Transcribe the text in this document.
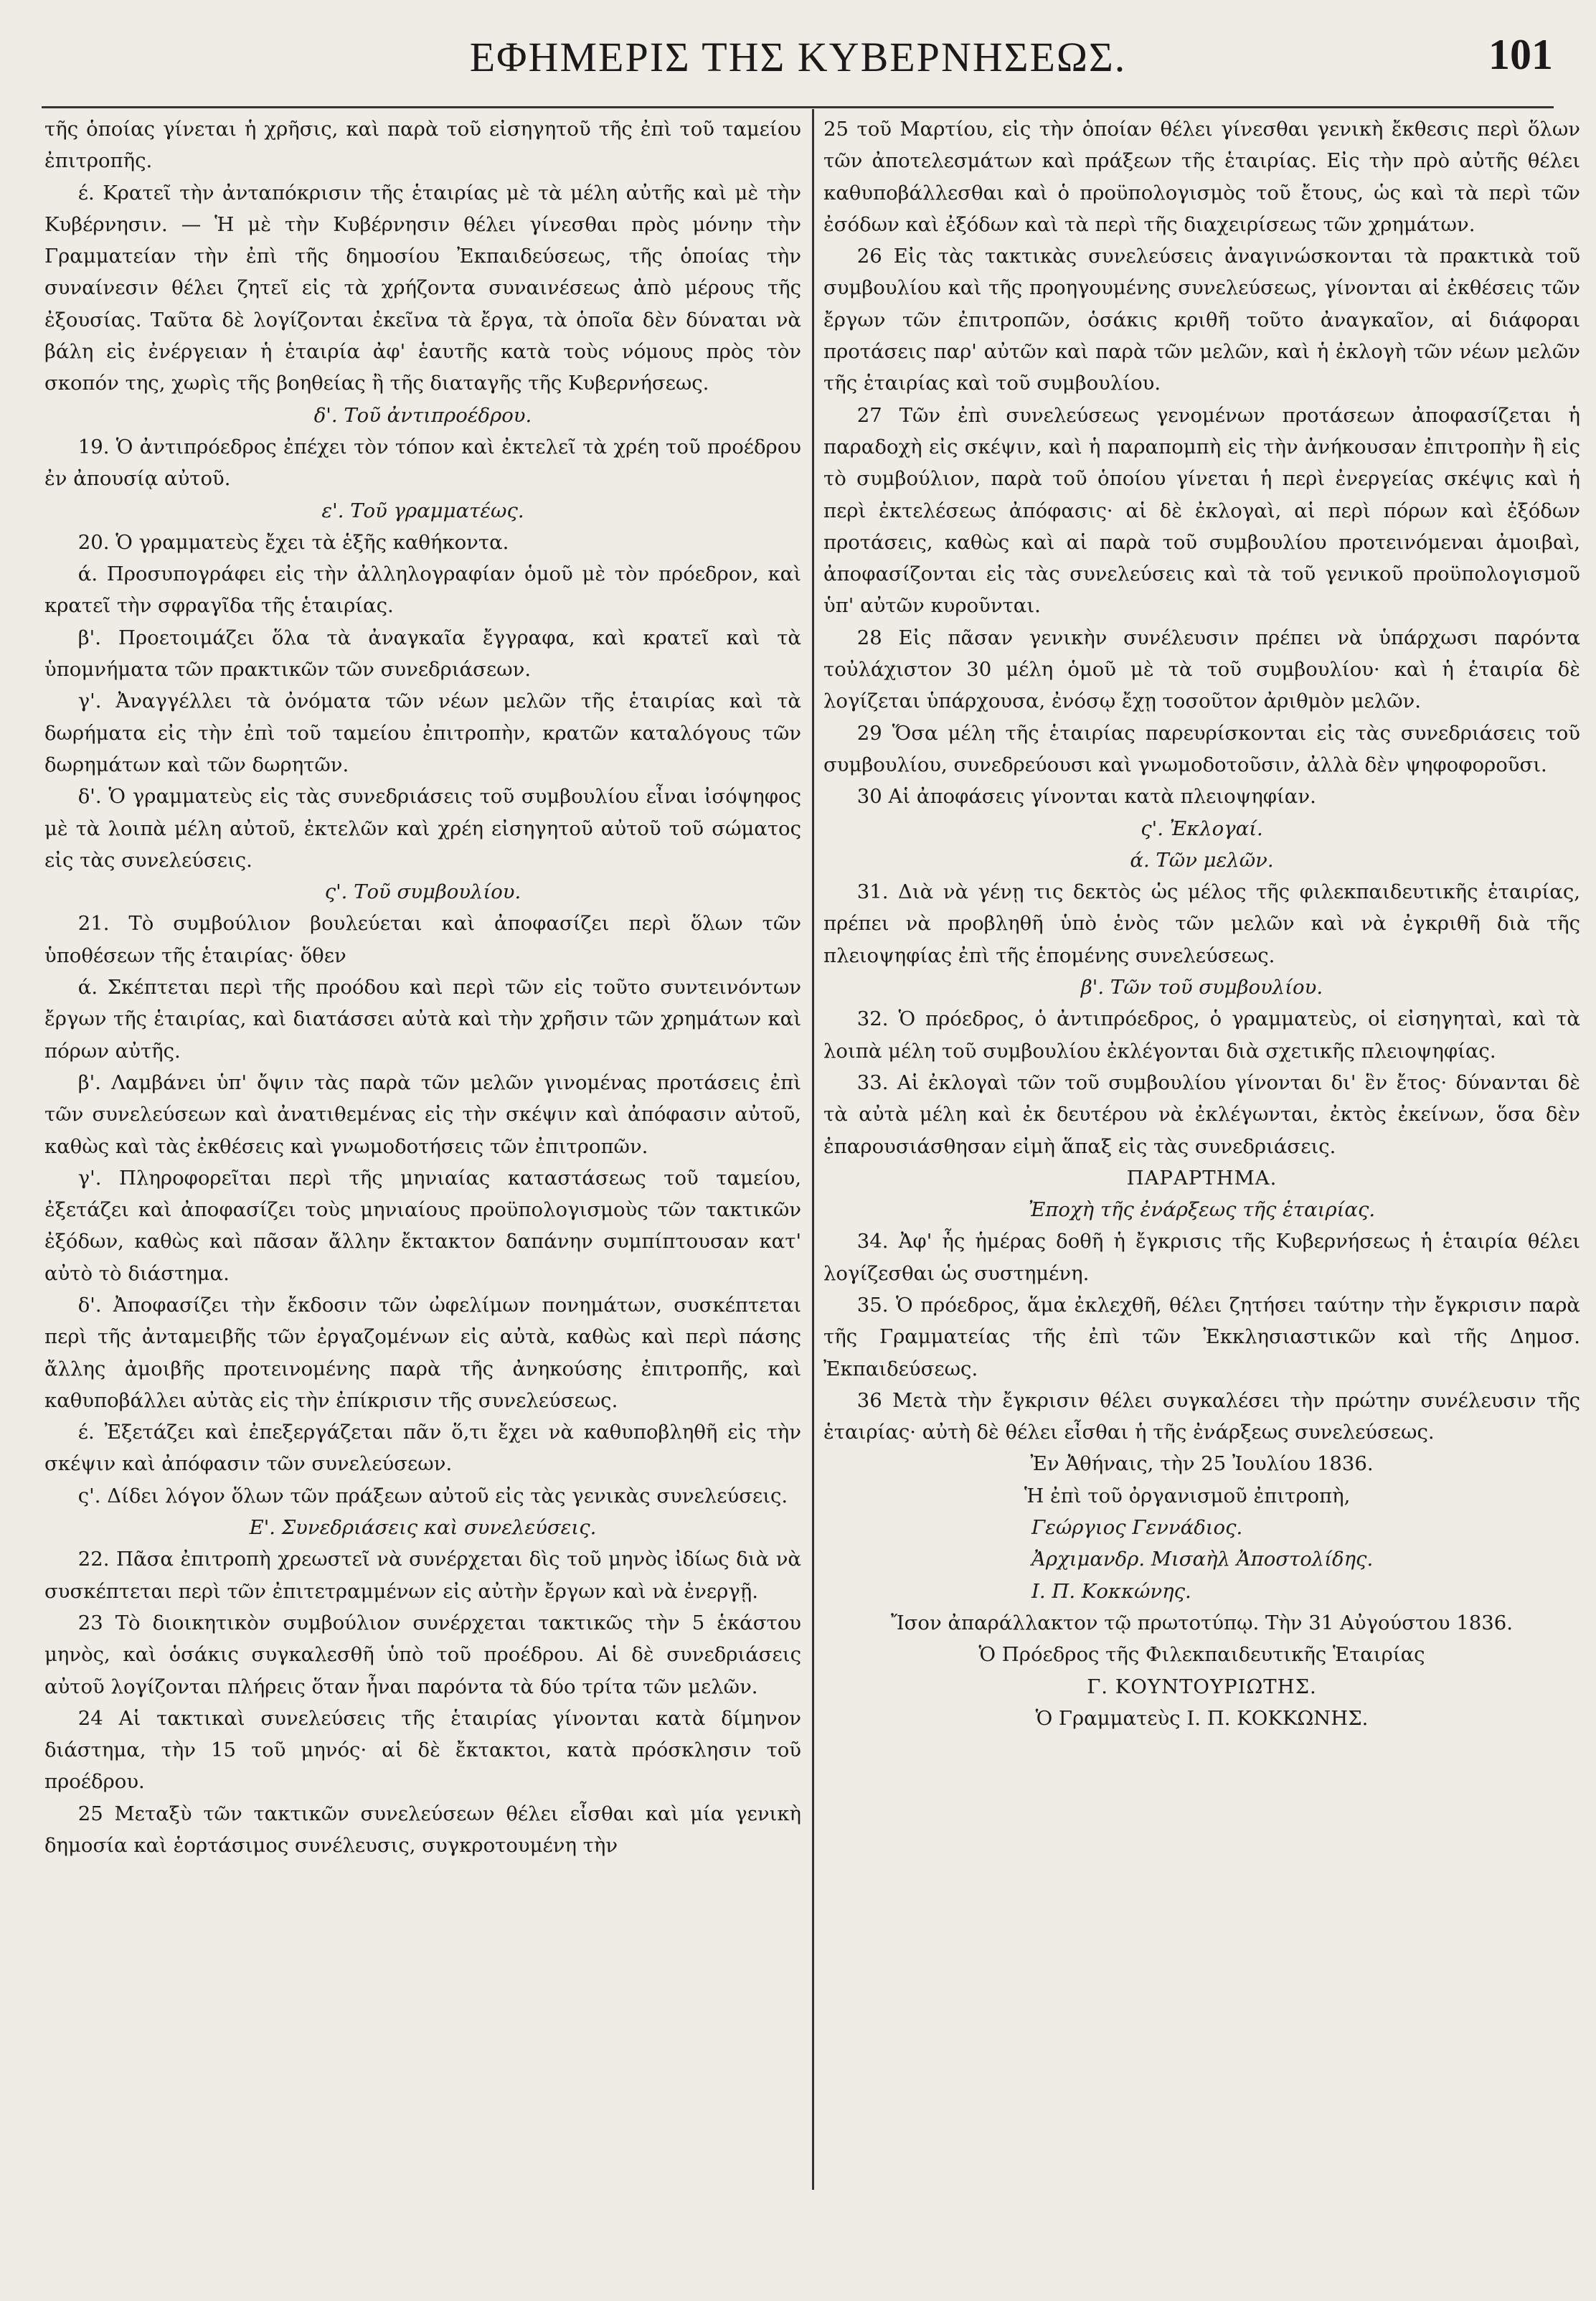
ΕΦΗΜΕΡΙΣ ΤΗΣ ΚΥΒΕΡΝΗΣΕΩΣ.	101

τῆς ὁποίας γίνεται ἡ χρῆσις, καὶ παρὰ τοῦ εἰσηγητοῦ τῆς ἐπὶ τοῦ ταμείου ἐπιτροπῆς.

έ. Κρατεῖ τὴν ἀνταπόκρισιν τῆς ἑταιρίας μὲ τὰ μέλη αὐτῆς καὶ μὲ τὴν Κυβέρνησιν. — Ἡ μὲ τὴν Κυβέρνησιν θέλει γίνεσθαι πρὸς μόνην τὴν Γραμματείαν τὴν ἐπὶ τῆς δημοσίου Ἐκπαιδεύσεως, τῆς ὁποίας τὴν συναίνεσιν θέλει ζητεῖ εἰς τὰ χρήζοντα συναινέσεως ἀπὸ μέρους τῆς ἐξουσίας. Ταῦτα δὲ λογίζονται ἐκεῖνα τὰ ἔργα, τὰ ὁποῖα δὲν δύναται νὰ βάλη εἰς ἐνέργειαν ἡ ἑταιρία ἀφ' ἑαυτῆς κατὰ τοὺς νόμους πρὸς τὸν σκοπόν της, χωρὶς τῆς βοηθείας ἢ τῆς διαταγῆς τῆς Κυβερνήσεως.

δ'. Τοῦ ἀντιπροέδρου.

19. Ὁ ἀντιπρόεδρος ἐπέχει τὸν τόπον καὶ ἐκτελεῖ τὰ χρέη τοῦ προέδρου ἐν ἀπουσίᾳ αὐτοῦ.

ε'. Τοῦ γραμματέως.

20. Ὁ γραμματεὺς ἔχει τὰ ἑξῆς καθήκοντα.

ά. Προσυπογράφει εἰς τὴν ἀλληλογραφίαν ὁμοῦ μὲ τὸν πρόεδρον, καὶ κρατεῖ τὴν σφραγῖδα τῆς ἑταιρίας.

β'. Προετοιμάζει ὅλα τὰ ἀναγκαῖα ἔγγραφα, καὶ κρατεῖ καὶ τὰ ὑπομνήματα τῶν πρακτικῶν τῶν συνεδριάσεων.

γ'. Ἀναγγέλλει τὰ ὀνόματα τῶν νέων μελῶν τῆς ἑταιρίας καὶ τὰ δωρήματα εἰς τὴν ἐπὶ τοῦ ταμείου ἐπιτροπὴν, κρατῶν καταλόγους τῶν δωρημάτων καὶ τῶν δωρητῶν.

δ'. Ὁ γραμματεὺς εἰς τὰς συνεδριάσεις τοῦ συμβουλίου εἶναι ἰσόψηφος μὲ τὰ λοιπὰ μέλη αὐτοῦ, ἐκτελῶν καὶ χρέη εἰσηγητοῦ αὐτοῦ τοῦ σώματος εἰς τὰς συνελεύσεις.

ς'. Τοῦ συμβουλίου.

21. Τὸ συμβούλιον βουλεύεται καὶ ἀποφασίζει περὶ ὅλων τῶν ὑποθέσεων τῆς ἑταιρίας· ὅθεν

ά. Σκέπτεται περὶ τῆς προόδου καὶ περὶ τῶν εἰς τοῦτο συντεινόντων ἔργων τῆς ἑταιρίας, καὶ διατάσσει αὐτὰ καὶ τὴν χρῆσιν τῶν χρημάτων καὶ πόρων αὐτῆς.

β'. Λαμβάνει ὑπ' ὄψιν τὰς παρὰ τῶν μελῶν γινομένας προτάσεις ἐπὶ τῶν συνελεύσεων καὶ ἀνατιθεμένας εἰς τὴν σκέψιν καὶ ἀπόφασιν αὐτοῦ, καθὼς καὶ τὰς ἐκθέσεις καὶ γνωμοδοτήσεις τῶν ἐπιτροπῶν.

γ'. Πληροφορεῖται περὶ τῆς μηνιαίας καταστάσεως τοῦ ταμείου, ἐξετάζει καὶ ἀποφασίζει τοὺς μηνιαίους προϋπολογισμοὺς τῶν τακτικῶν ἐξόδων, καθὼς καὶ πᾶσαν ἄλλην ἔκτακτον δαπάνην συμπίπτουσαν κατ' αὐτὸ τὸ διάστημα.

δ'. Ἀποφασίζει τὴν ἔκδοσιν τῶν ὠφελίμων πονημάτων, συσκέπτεται περὶ τῆς ἀνταμειβῆς τῶν ἐργαζομένων εἰς αὐτὰ, καθὼς καὶ περὶ πάσης ἄλλης ἀμοιβῆς προτεινομένης παρὰ τῆς ἀνηκούσης ἐπιτροπῆς, καὶ καθυποβάλλει αὐτὰς εἰς τὴν ἐπίκρισιν τῆς συνελεύσεως.

έ. Ἐξετάζει καὶ ἐπεξεργάζεται πᾶν ὅ,τι ἔχει νὰ καθυποβληθῆ εἰς τὴν σκέψιν καὶ ἀπόφασιν τῶν συνελεύσεων.

ς'. Δίδει λόγον ὅλων τῶν πράξεων αὐτοῦ εἰς τὰς γενικὰς συνελεύσεις.

Ε'. Συνεδριάσεις καὶ συνελεύσεις.

22. Πᾶσα ἐπιτροπὴ χρεωστεῖ νὰ συνέρχεται δὶς τοῦ μηνὸς ἰδίως διὰ νὰ συσκέπτεται περὶ τῶν ἐπιτετραμμένων εἰς αὐτὴν ἔργων καὶ νὰ ἐνεργῇ.

23 Τὸ διοικητικὸν συμβούλιον συνέρχεται τακτικῶς τὴν 5 ἑκάστου μηνὸς, καὶ ὁσάκις συγκαλεσθῆ ὑπὸ τοῦ προέδρου. Αἱ δὲ συνεδριάσεις αὐτοῦ λογίζονται πλήρεις ὅταν ἦναι παρόντα τὰ δύο τρίτα τῶν μελῶν.

24 Αἱ τακτικαὶ συνελεύσεις τῆς ἑταιρίας γίνονται κατὰ δίμηνον διάστημα, τὴν 15 τοῦ μηνός· αἱ δὲ ἔκτακτοι, κατὰ πρόσκλησιν τοῦ προέδρου.

25 Μεταξὺ τῶν τακτικῶν συνελεύσεων θέλει εἶσθαι καὶ μία γενικὴ δημοσία καὶ ἑορτάσιμος συνέλευσις, συγκροτουμένη τὴν

25 τοῦ Μαρτίου, εἰς τὴν ὁποίαν θέλει γίνεσθαι γενικὴ ἔκθεσις περὶ ὅλων τῶν ἀποτελεσμάτων καὶ πράξεων τῆς ἑταιρίας. Εἰς τὴν πρὸ αὐτῆς θέλει καθυποβάλλεσθαι καὶ ὁ προϋπολογισμὸς τοῦ ἔτους, ὡς καὶ τὰ περὶ τῶν ἐσόδων καὶ ἐξόδων καὶ τὰ περὶ τῆς διαχειρίσεως τῶν χρημάτων.

26 Εἰς τὰς τακτικὰς συνελεύσεις ἀναγινώσκονται τὰ πρακτικὰ τοῦ συμβουλίου καὶ τῆς προηγουμένης συνελεύσεως, γίνονται αἱ ἐκθέσεις τῶν ἔργων τῶν ἐπιτροπῶν, ὁσάκις κριθῆ τοῦτο ἀναγκαῖον, αἱ διάφοραι προτάσεις παρ' αὐτῶν καὶ παρὰ τῶν μελῶν, καὶ ἡ ἐκλογὴ τῶν νέων μελῶν τῆς ἑταιρίας καὶ τοῦ συμβουλίου.

27 Τῶν ἐπὶ συνελεύσεως γενομένων προτάσεων ἀποφασίζεται ἡ παραδοχὴ εἰς σκέψιν, καὶ ἡ παραπομπὴ εἰς τὴν ἀνήκουσαν ἐπιτροπὴν ἢ εἰς τὸ συμβούλιον, παρὰ τοῦ ὁποίου γίνεται ἡ περὶ ἐνεργείας σκέψις καὶ ἡ περὶ ἐκτελέσεως ἀπόφασις· αἱ δὲ ἐκλογαὶ, αἱ περὶ πόρων καὶ ἐξόδων προτάσεις, καθὼς καὶ αἱ παρὰ τοῦ συμβουλίου προτεινόμεναι ἀμοιβαὶ, ἀποφασίζονται εἰς τὰς συνελεύσεις καὶ τὰ τοῦ γενικοῦ προϋπολογισμοῦ ὑπ' αὐτῶν κυροῦνται.

28 Εἰς πᾶσαν γενικὴν συνέλευσιν πρέπει νὰ ὑπάρχωσι παρόντα τοὐλάχιστον 30 μέλη ὁμοῦ μὲ τὰ τοῦ συμβουλίου· καὶ ἡ ἑταιρία δὲ λογίζεται ὑπάρχουσα, ἐνόσῳ ἔχῃ τοσοῦτον ἀριθμὸν μελῶν.

29 Ὅσα μέλη τῆς ἑταιρίας παρευρίσκονται εἰς τὰς συνεδριάσεις τοῦ συμβουλίου, συνεδρεύουσι καὶ γνωμοδοτοῦσιν, ἀλλὰ δὲν ψηφοφοροῦσι.

30 Αἱ ἀποφάσεις γίνονται κατὰ πλειοψηφίαν.

ς'. Ἐκλογαί.

ά. Τῶν μελῶν.

31. Διὰ νὰ γένῃ τις δεκτὸς ὡς μέλος τῆς φιλεκπαιδευτικῆς ἑταιρίας, πρέπει νὰ προβληθῆ ὑπὸ ἑνὸς τῶν μελῶν καὶ νὰ ἐγκριθῆ διὰ τῆς πλειοψηφίας ἐπὶ τῆς ἑπομένης συνελεύσεως.

β'. Τῶν τοῦ συμβουλίου.

32. Ὁ πρόεδρος, ὁ ἀντιπρόεδρος, ὁ γραμματεὺς, οἱ εἰσηγηταὶ, καὶ τὰ λοιπὰ μέλη τοῦ συμβουλίου ἐκλέγονται διὰ σχετικῆς πλειοψηφίας.

33. Αἱ ἐκλογαὶ τῶν τοῦ συμβουλίου γίνονται δι' ἓν ἔτος· δύνανται δὲ τὰ αὐτὰ μέλη καὶ ἐκ δευτέρου νὰ ἐκλέγωνται, ἐκτὸς ἐκείνων, ὅσα δὲν ἐπαρουσιάσθησαν εἰμὴ ἅπαξ εἰς τὰς συνεδριάσεις.

ΠΑΡΑΡΤΗΜΑ.

Ἐποχὴ τῆς ἐνάρξεως τῆς ἑταιρίας.

34. Ἀφ' ἧς ἡμέρας δοθῆ ἡ ἔγκρισις τῆς Κυβερνήσεως ἡ ἑταιρία θέλει λογίζεσθαι ὡς συστημένη.

35. Ὁ πρόεδρος, ἅμα ἐκλεχθῆ, θέλει ζητήσει ταύτην τὴν ἔγκρισιν παρὰ τῆς Γραμματείας τῆς ἐπὶ τῶν Ἐκκλησιαστικῶν καὶ τῆς Δημοσ. Ἐκπαιδεύσεως.

36 Μετὰ τὴν ἔγκρισιν θέλει συγκαλέσει τὴν πρώτην συνέλευσιν τῆς ἑταιρίας· αὐτὴ δὲ θέλει εἶσθαι ἡ τῆς ἐνάρξεως συνελεύσεως.

Ἐν Ἀθήναις, τὴν 25 Ἰουλίου 1836.

Ἡ ἐπὶ τοῦ ὀργανισμοῦ ἐπιτροπὴ,

Γεώργιος Γεννάδιος.

Ἀρχιμανδρ. Μισαὴλ Ἀποστολίδης.

Ι. Π. Κοκκώνης.

Ἴσον ἀπαράλλακτον τῷ πρωτοτύπῳ. Τὴν 31 Αὐγούστου 1836.

Ὁ Πρόεδρος τῆς Φιλεκπαιδευτικῆς Ἑταιρίας

Γ. ΚΟΥΝΤΟΥΡΙΩΤΗΣ.

Ὁ Γραμματεὺς Ι. Π. ΚΟΚΚΩΝΗΣ.
